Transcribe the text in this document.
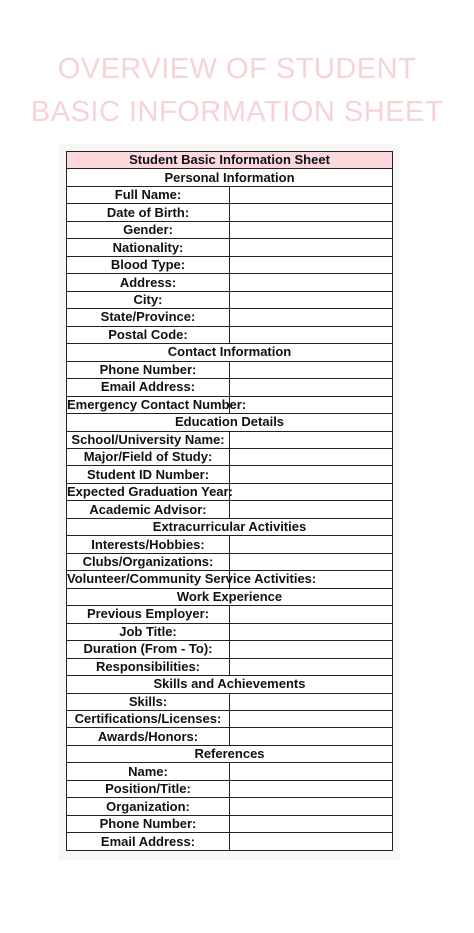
OVERVIEW OF STUDENT
BASIC INFORMATION SHEET
Student Basic Information Sheet	
Personal Information	
Full Name:	
Date of Birth:	
Gender:	
Nationality:	
Blood Type:	
Address:	
City:	
State/Province:	
Postal Code:	
Contact Information	
Phone Number:	
Email Address:	
Emergency Contact Number:	
Education Details	
School/University Name:	
Major/Field of Study:	
Student ID Number:	
Expected Graduation Year:	
Academic Advisor:	
Extracurricular Activities	
Interests/Hobbies:	
Clubs/Organizations:	
Volunteer/Community Service Activities:	
Work Experience	
Previous Employer:	
Job Title:	
Duration (From - To):	
Responsibilities:	
Skills and Achievements	
Skills:	
Certifications/Licenses:	
Awards/Honors:	
References	
Name:	
Position/Title:	
Organization:	
Phone Number:	
Email Address:	
